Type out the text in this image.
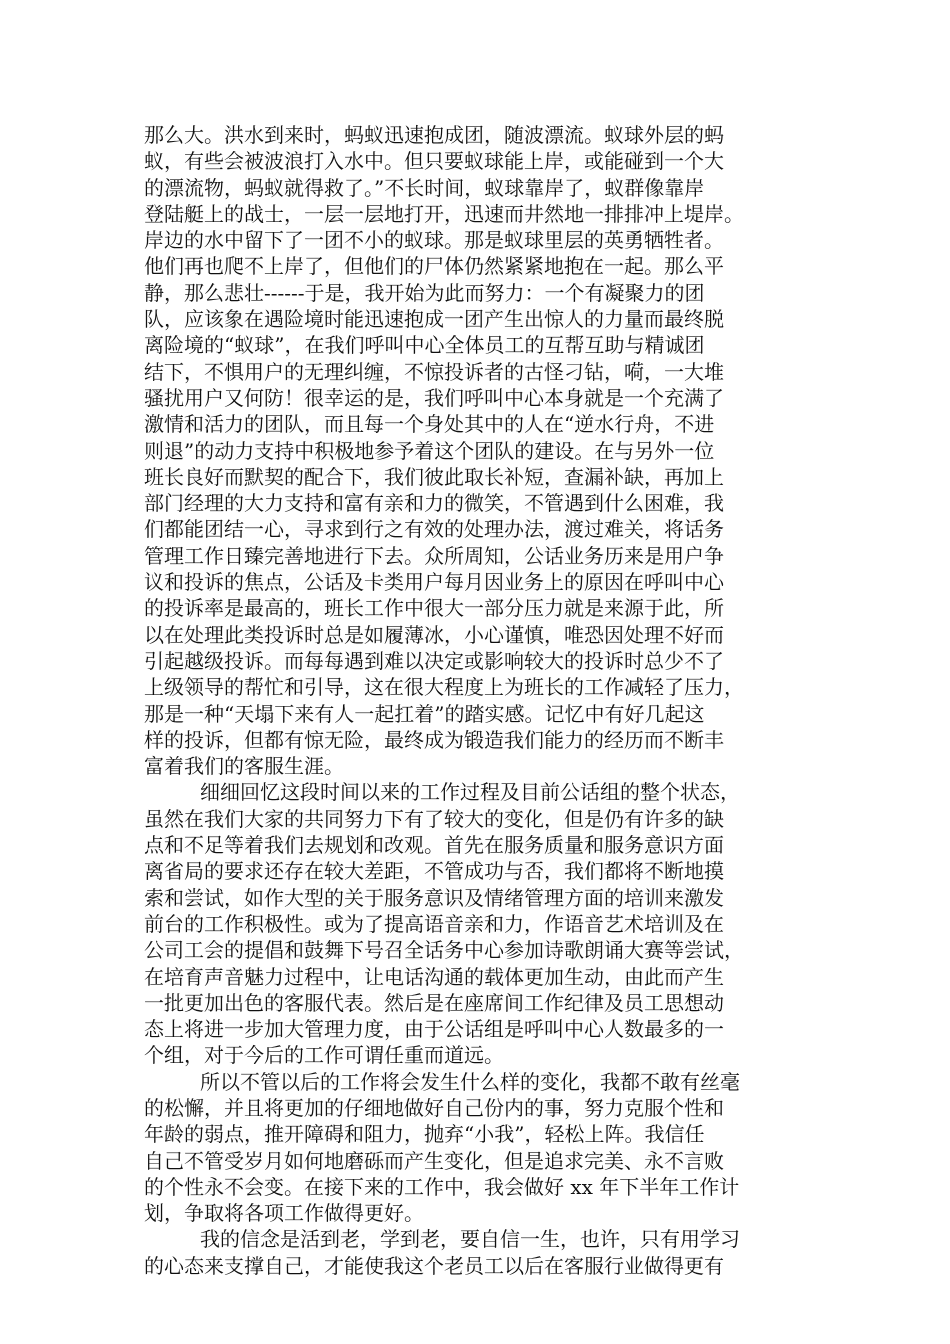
那么大。洪水到来时，蚂蚁迅速抱成团，随波漂流。蚁球外层的蚂
蚁，有些会被波浪打入水中。但只要蚁球能上岸，或能碰到一个大
的漂流物，蚂蚁就得救了。”不长时间，蚁球靠岸了，蚁群像靠岸
登陆艇上的战士，一层一层地打开，迅速而井然地一排排冲上堤岸。
岸边的水中留下了一团不小的蚁球。那是蚁球里层的英勇牺牲者。
他们再也爬不上岸了，但他们的尸体仍然紧紧地抱在一起。那么平
静，那么悲壮------于是，我开始为此而努力：一个有凝聚力的团
队，应该象在遇险境时能迅速抱成一团产生出惊人的力量而最终脱
离险境的“蚁球”，在我们呼叫中心全体员工的互帮互助与精诚团
结下，不惧用户的无理纠缠，不惊投诉者的古怪刁钻，嗬，一大堆
骚扰用户又何防！很幸运的是，我们呼叫中心本身就是一个充满了
激情和活力的团队，而且每一个身处其中的人在“逆水行舟，不进
则退”的动力支持中积极地参予着这个团队的建设。在与另外一位
班长良好而默契的配合下，我们彼此取长补短，查漏补缺，再加上
部门经理的大力支持和富有亲和力的微笑，不管遇到什么困难，我
们都能团结一心，寻求到行之有效的处理办法，渡过难关，将话务
管理工作日臻完善地进行下去。众所周知，公话业务历来是用户争
议和投诉的焦点，公话及卡类用户每月因业务上的原因在呼叫中心
的投诉率是最高的，班长工作中很大一部分压力就是来源于此，所
以在处理此类投诉时总是如履薄冰，小心谨慎，唯恐因处理不好而
引起越级投诉。而每每遇到难以决定或影响较大的投诉时总少不了
上级领导的帮忙和引导，这在很大程度上为班长的工作减轻了压力，
那是一种“天塌下来有人一起扛着”的踏实感。记忆中有好几起这
样的投诉，但都有惊无险，最终成为锻造我们能力的经历而不断丰
富着我们的客服生涯。
细细回忆这段时间以来的工作过程及目前公话组的整个状态，
虽然在我们大家的共同努力下有了较大的变化，但是仍有许多的缺
点和不足等着我们去规划和改观。首先在服务质量和服务意识方面
离省局的要求还存在较大差距，不管成功与否，我们都将不断地摸
索和尝试，如作大型的关于服务意识及情绪管理方面的培训来激发
前台的工作积极性。或为了提高语音亲和力，作语音艺术培训及在
公司工会的提倡和鼓舞下号召全话务中心参加诗歌朗诵大赛等尝试，
在培育声音魅力过程中，让电话沟通的载体更加生动，由此而产生
一批更加出色的客服代表。然后是在座席间工作纪律及员工思想动
态上将进一步加大管理力度，由于公话组是呼叫中心人数最多的一
个组，对于今后的工作可谓任重而道远。
所以不管以后的工作将会发生什么样的变化，我都不敢有丝毫
的松懈，并且将更加的仔细地做好自己份内的事，努力克服个性和
年龄的弱点，推开障碍和阻力，抛弃“小我”，轻松上阵。我信任
自己不管受岁月如何地磨砾而产生变化，但是追求完美、永不言败
的个性永不会变。在接下来的工作中，我会做好 xx 年下半年工作计
划，争取将各项工作做得更好。
我的信念是活到老，学到老，要自信一生，也许，只有用学习
的心态来支撑自己，才能使我这个老员工以后在客服行业做得更有
